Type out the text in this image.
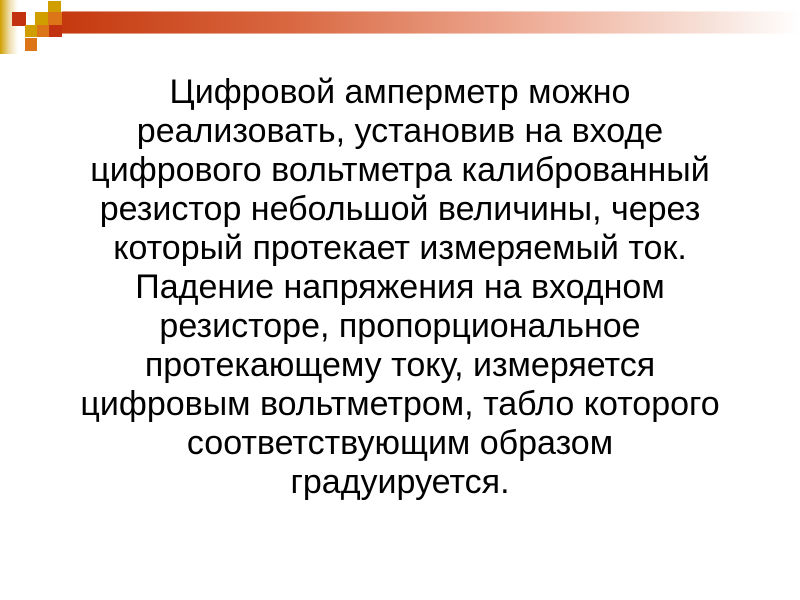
Цифровой амперметр можно
реализовать, установив на входе
цифрового вольтметра калиброванный
резистор небольшой величины, через
который протекает измеряемый ток.
Падение напряжения на входном
резисторе, пропорциональное
протекающему току, измеряется
цифровым вольтметром, табло которого
соответствующим образом
градуируется.
